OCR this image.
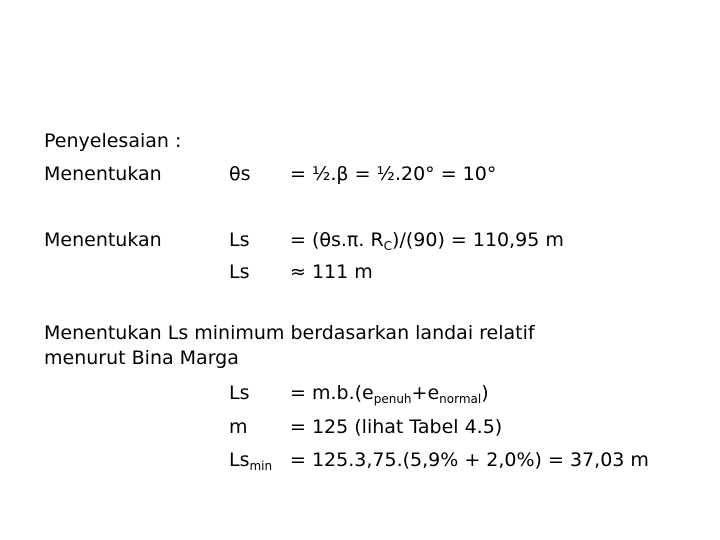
Penyelesaian :
Menentukan	θs = ½.β = ½.20° = 10°
Menentukan	Ls = (θs.π. $R_C)/(90) = 110,95$ m
Ls ≈ 111 m
Menentukan Ls minimum berdasarkan landai relatif
menurut Bina Marga
$Ls = m.b.(e_{penuh}+e_{normal})$
m = 125 (lihat Tabel 4.5)
$Ls_{min} = 125.3,75.(5,9\% + 2,0\%) = 37,03$ m
